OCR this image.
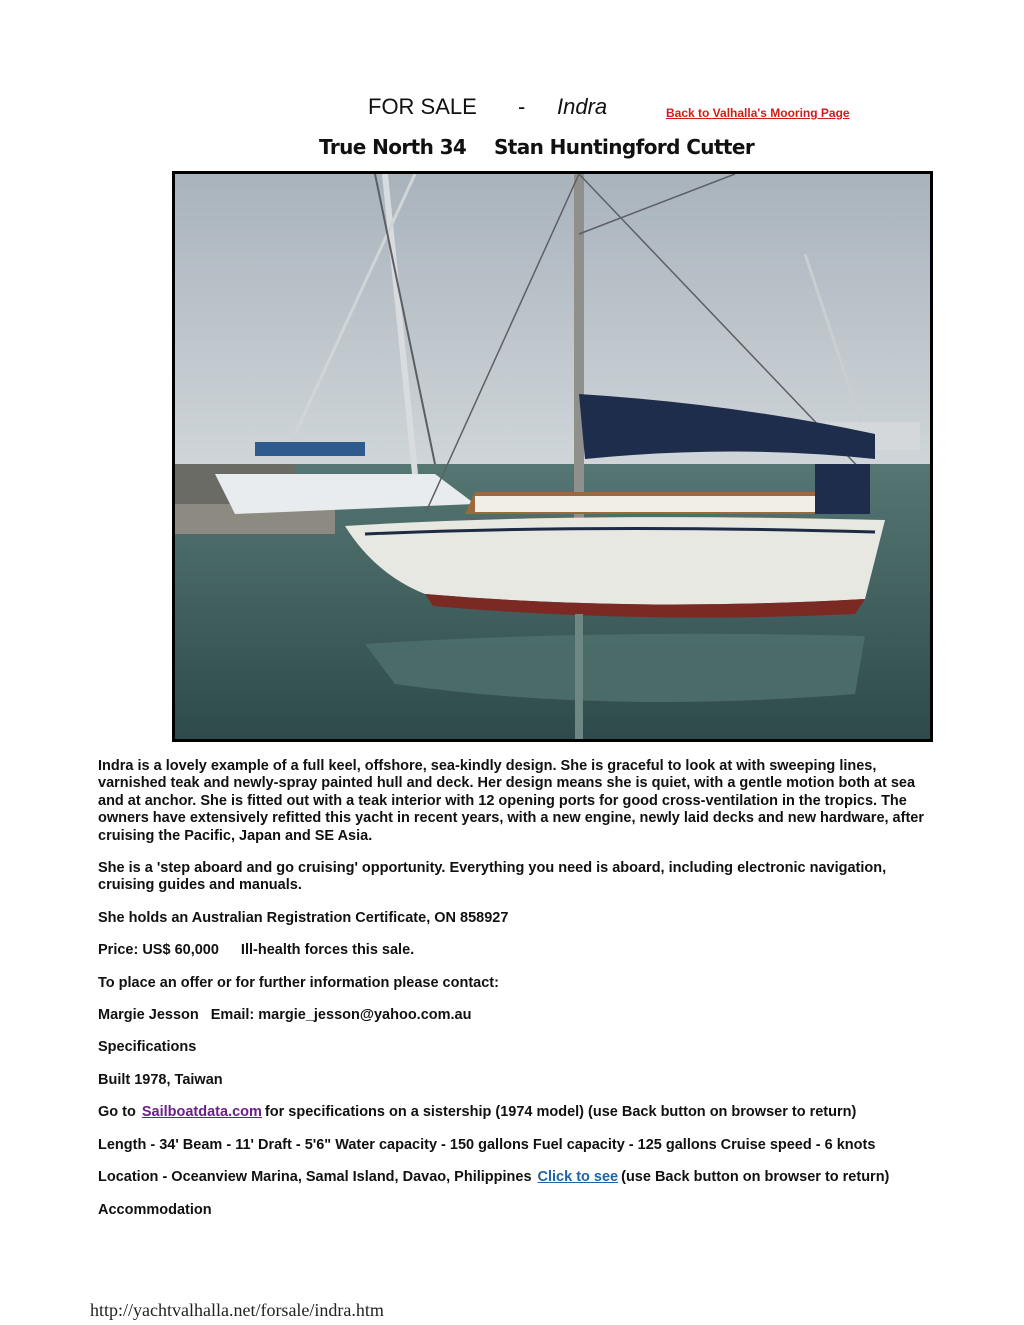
FOR SALE - Indra	Back to Valhalla's Mooring Page
True North 34 Stan Huntingford Cutter

Indra is a lovely example of a full keel, offshore, sea-kindly design. She is graceful to look at with sweeping lines, varnished teak and newly-spray painted hull and deck. Her design means she is quiet, with a gentle motion both at sea and at anchor. She is fitted out with a teak interior with 12 opening ports for good cross-ventilation in the tropics. The owners have extensively refitted this yacht in recent years, with a new engine, newly laid decks and new hardware, after cruising the Pacific, Japan and SE Asia.

She is a 'step aboard and go cruising' opportunity. Everything you need is aboard, including electronic navigation, cruising guides and manuals.

She holds an Australian Registration Certificate, ON 858927

Price: US$ 60,000 Ill-health forces this sale.

To place an offer or for further information please contact:

Margie Jesson Email: margie_jesson@yahoo.com.au

Specifications

Built 1978, Taiwan

Go to Sailboatdata.com for specifications on a sistership (1974 model) (use Back button on browser to return)

Length - 34' Beam - 11' Draft - 5'6" Water capacity - 150 gallons Fuel capacity - 125 gallons Cruise speed - 6 knots

Location - Oceanview Marina, Samal Island, Davao, Philippines Click to see (use Back button on browser to return)

Accommodation

http://yachtvalhalla.net/forsale/indra.htm
